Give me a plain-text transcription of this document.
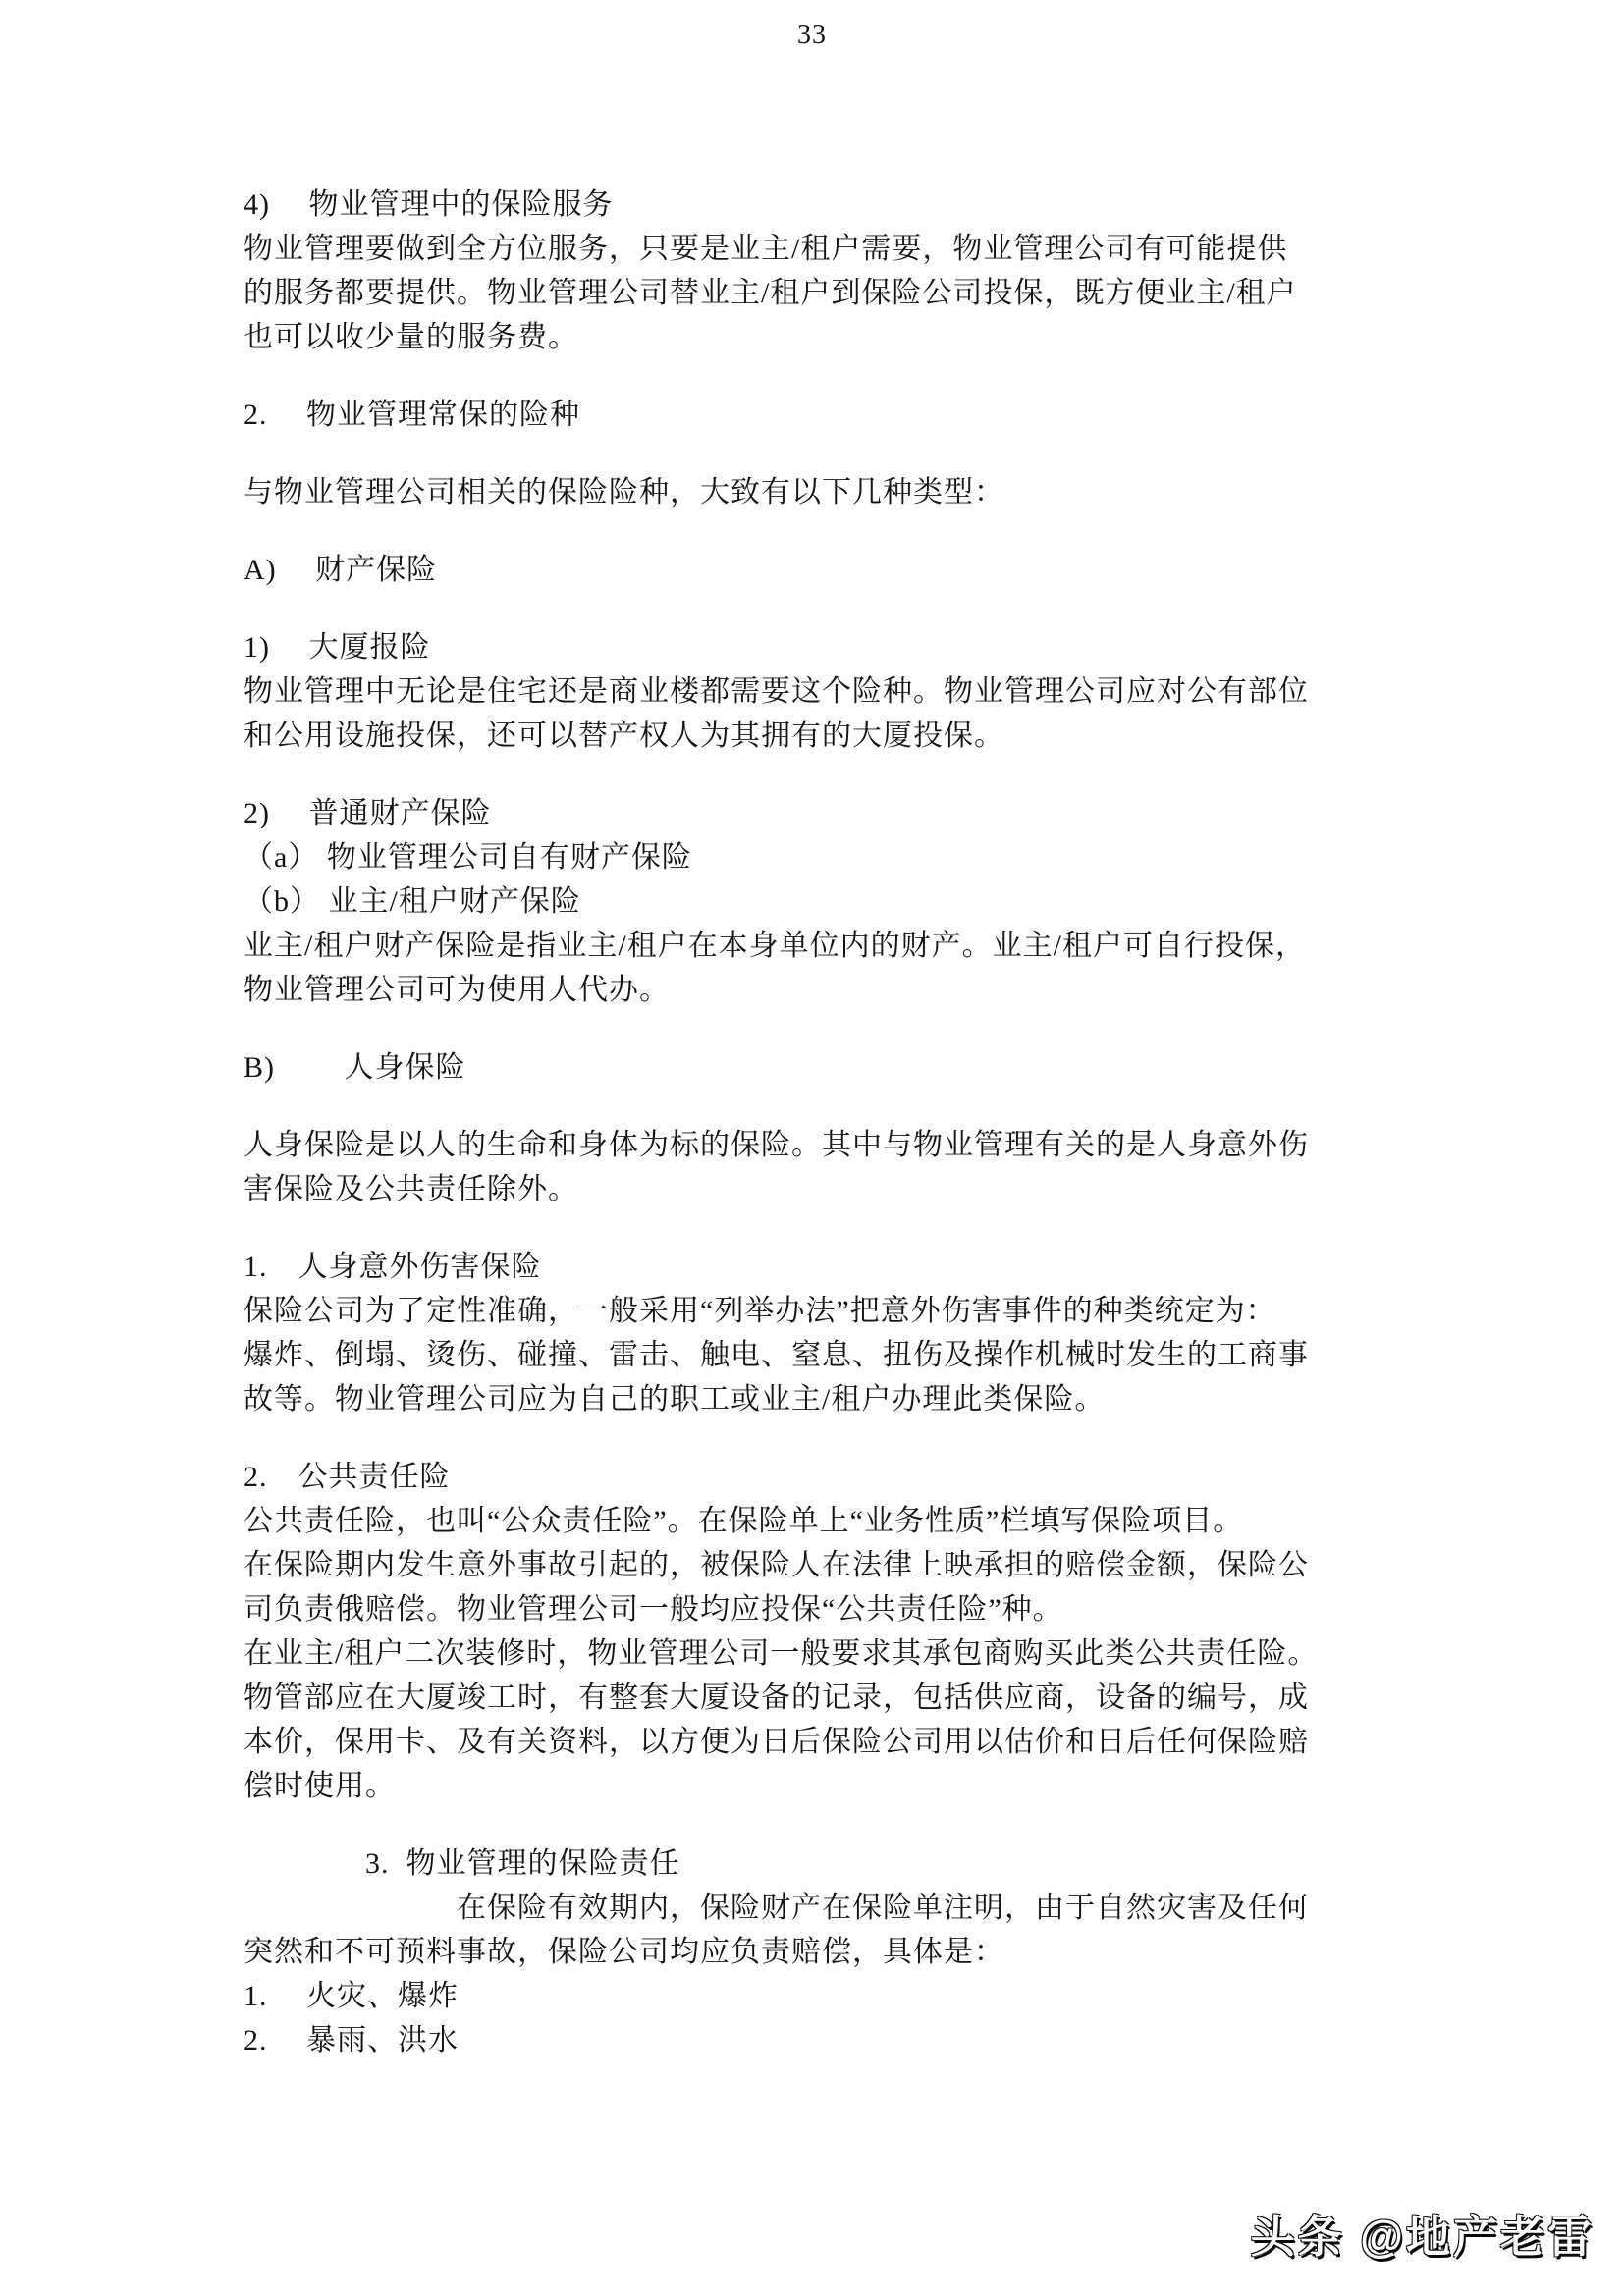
4)　 物业管理中的保险服务
物业管理要做到全方位服务，只要是业主/租户需要，物业管理公司有可能提供
的服务都要提供。物业管理公司替业主/租户到保险公司投保，既方便业主/租户
也可以收少量的服务费。
2.　 物业管理常保的险种
与物业管理公司相关的保险险种，大致有以下几种类型：
A)　 财产保险
1)　 大厦报险
物业管理中无论是住宅还是商业楼都需要这个险种。物业管理公司应对公有部位
和公用设施投保，还可以替产权人为其拥有的大厦投保。
2)　 普通财产保险
（a） 物业管理公司自有财产保险
（b） 业主/租户财产保险
业主/租户财产保险是指业主/租户在本身单位内的财产。业主/租户可自行投保，
物业管理公司可为使用人代办。
B)　　 人身保险
人身保险是以人的生命和身体为标的保险。其中与物业管理有关的是人身意外伤
害保险及公共责任除外。
1.　人身意外伤害保险
保险公司为了定性准确，一般采用“列举办法”把意外伤害事件的种类统定为：
爆炸、倒塌、烫伤、碰撞、雷击、触电、窒息、扭伤及操作机械时发生的工商事
故等。物业管理公司应为自己的职工或业主/租户办理此类保险。
2.　公共责任险
公共责任险，也叫“公众责任险”。在保险单上“业务性质”栏填写保险项目。
在保险期内发生意外事故引起的，被保险人在法律上映承担的赔偿金额，保险公
司负责俄赔偿。物业管理公司一般均应投保“公共责任险”种。
在业主/租户二次装修时，物业管理公司一般要求其承包商购买此类公共责任险。
物管部应在大厦竣工时，有整套大厦设备的记录，包括供应商，设备的编号，成
本价，保用卡、及有关资料，以方便为日后保险公司用以估价和日后任何保险赔
偿时使用。
　　　　3.  物业管理的保险责任
　　　　　　　在保险有效期内，保险财产在保险单注明，由于自然灾害及任何
突然和不可预料事故，保险公司均应负责赔偿，具体是：
1.　 火灾、爆炸
2.　 暴雨、洪水
33
头条 @地产老雷
